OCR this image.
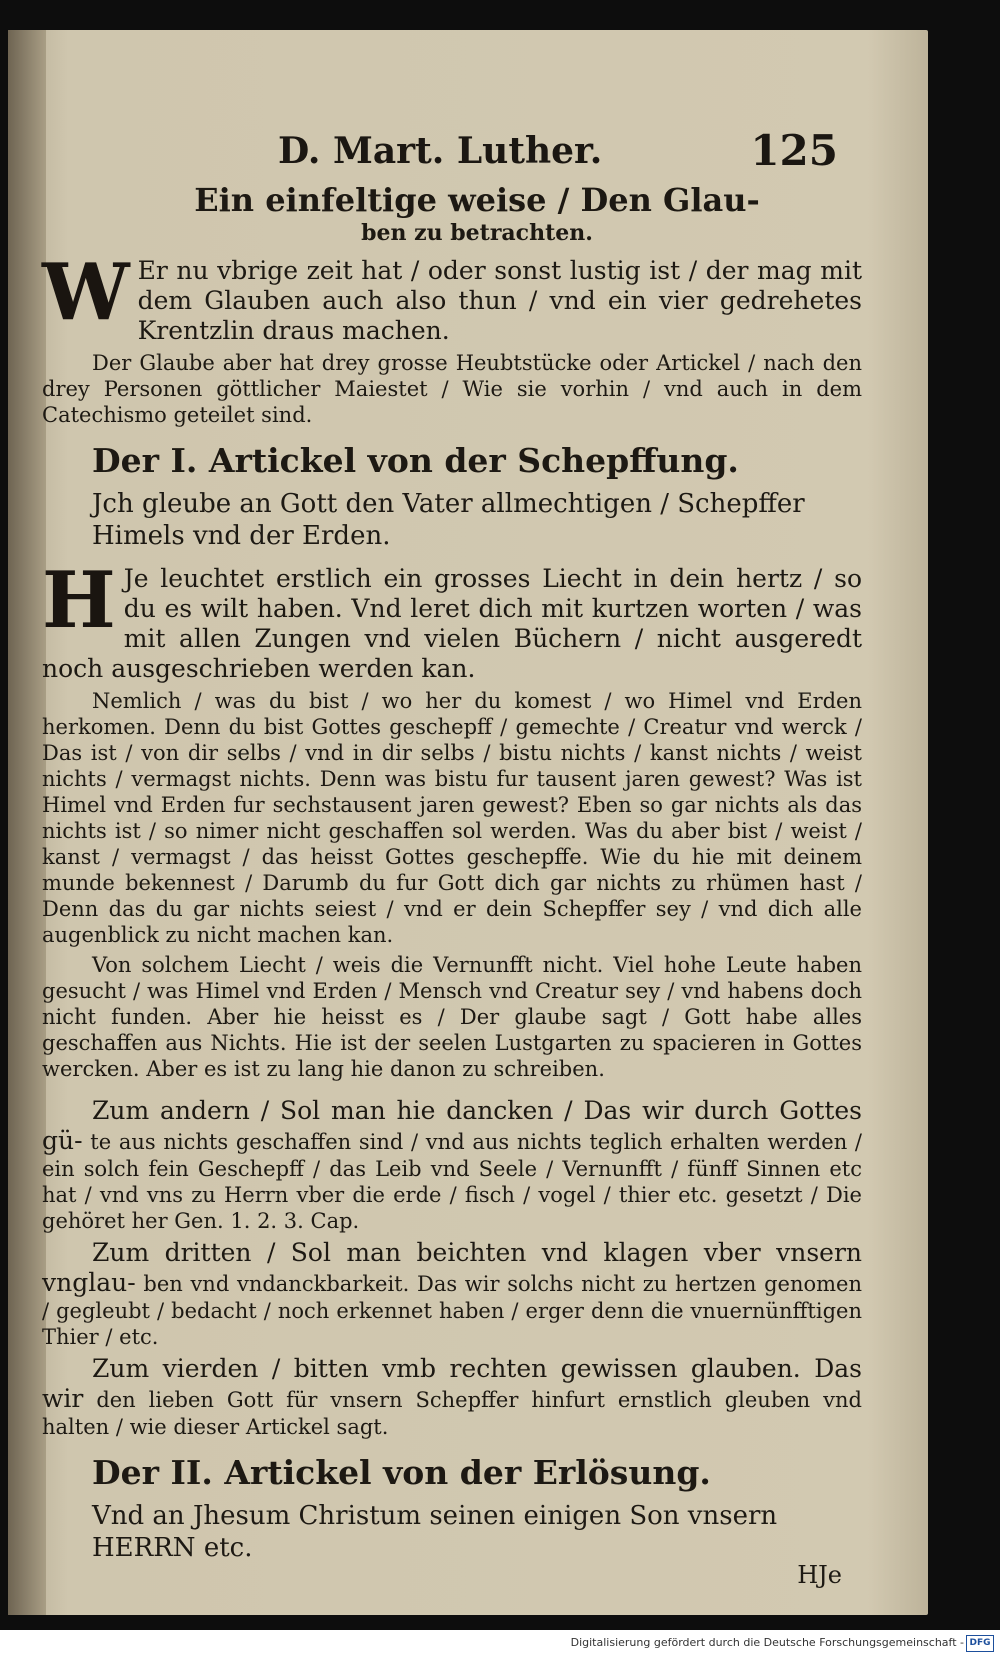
D. Mart. Luther.	125
Ein einfeltige weise / Den Glau-
ben zu betrachten.

W Er nu vbrige zeit hat / oder sonst lustig ist / der mag mit dem Glauben auch also thun / vnd ein vier gedrehetes Krentzlin draus machen.

Der Glaube aber hat drey grosse Heubtstücke oder Artickel / nach den drey Personen göttlicher Maiestet / Wie sie vorhin / vnd auch in dem Catechismo geteilet sind.

Der I. Artickel von der Schepffung.
Jch gleube an Gott den Vater allmechtigen / Schepffer Himels vnd der Erden.

H Je leuchtet erstlich ein grosses Liecht in dein hertz / so du es wilt haben. Vnd leret dich mit kurtzen worten / was mit allen Zungen vnd vielen Büchern / nicht ausgeredt noch ausgeschrieben werden kan.

Nemlich / was du bist / wo her du komest / wo Himel vnd Erden herkomen. Denn du bist Gottes geschepff / gemechte / Creatur vnd werck / Das ist / von dir selbs / vnd in dir selbs / bistu nichts / kanst nichts / weist nichts / vermagst nichts. Denn was bistu fur tausent jaren gewest? Was ist Himel vnd Erden fur sechstausent jaren gewest? Eben so gar nichts als das nichts ist / so nimer nicht geschaffen sol werden. Was du aber bist / weist / kanst / vermagst / das heisst Gottes geschepffe. Wie du hie mit deinem munde bekennest / Darumb du fur Gott dich gar nichts zu rhümen hast / Denn das du gar nichts seiest / vnd er dein Schepffer sey / vnd dich alle augenblick zu nicht machen kan.

Von solchem Liecht / weis die Vernunfft nicht. Viel hohe Leute haben gesucht / was Himel vnd Erden / Mensch vnd Creatur sey / vnd habens doch nicht funden. Aber hie heisst es / Der glaube sagt / Gott habe alles geschaffen aus Nichts. Hie ist der seelen Lustgarten zu spacieren in Gottes wercken. Aber es ist zu lang hie danon zu schreiben.

Zum andern / Sol man hie dancken / Das wir durch Gottes gü- te aus nichts geschaffen sind / vnd aus nichts teglich erhalten werden / ein solch fein Geschepff / das Leib vnd Seele / Vernunfft / fünff Sinnen etc hat / vnd vns zu Herrn vber die erde / fisch / vogel / thier etc. gesetzt / Die gehöret her Gen. 1. 2. 3. Cap.

Zum dritten / Sol man beichten vnd klagen vber vnsern vnglau- ben vnd vndanckbarkeit. Das wir solchs nicht zu hertzen genomen / gegleubt / bedacht / noch erkennet haben / erger denn die vnuernünfftigen Thier / etc.

Zum vierden / bitten vmb rechten gewissen glauben. Das wir den lieben Gott für vnsern Schepffer hinfurt ernstlich gleuben vnd halten / wie dieser Artickel sagt.

Der II. Artickel von der Erlösung.
Vnd an Jhesum Christum seinen einigen Son vnsern HERRN etc.
HJe
Digitalisierung gefördert durch die Deutsche Forschungsgemeinschaft - DFG
